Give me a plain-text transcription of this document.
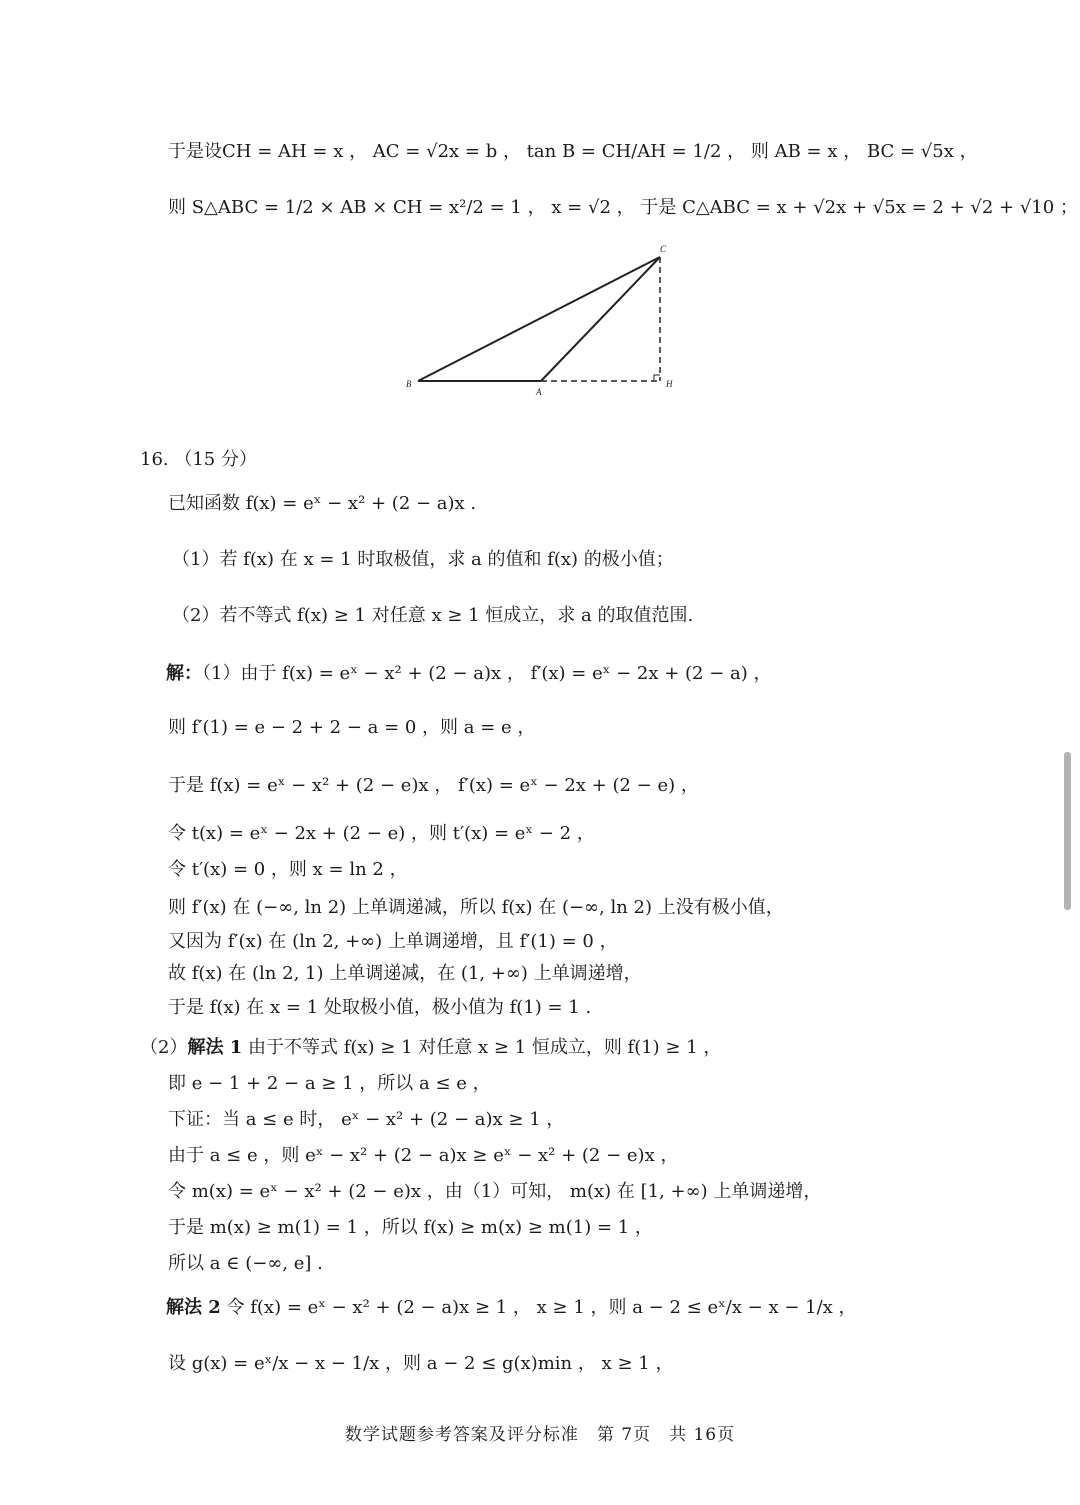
于是设CH = AH = x ， AC = √2x = b ， tan B = CH/AH = 1/2 ， 则 AB = x ， BC = √5x ，
则 S△ABC = 1/2 × AB × CH = x²/2 = 1 ， x = √2 ， 于是 C△ABC = x + √2x + √5x = 2 + √2 + √10 ；
B
A
C
H
16. （15 分）
已知函数 f(x) = eˣ − x² + (2 − a)x .
（1）若 f(x) 在 x = 1 时取极值，求 a 的值和 f(x) 的极小值；
（2）若不等式 f(x) ≥ 1 对任意 x ≥ 1 恒成立，求 a 的取值范围.
解：（1）由于 f(x) = eˣ − x² + (2 − a)x ， f′(x) = eˣ − 2x + (2 − a) ，
则 f′(1) = e − 2 + 2 − a = 0 ，则 a = e ，
于是 f(x) = eˣ − x² + (2 − e)x ， f′(x) = eˣ − 2x + (2 − e) ，
令 t(x) = eˣ − 2x + (2 − e) ，则 t′(x) = eˣ − 2 ，
令 t′(x) = 0 ，则 x = ln 2 ，
则 f′(x) 在 (−∞, ln 2) 上单调递减，所以 f(x) 在 (−∞, ln 2) 上没有极小值，
又因为 f′(x) 在 (ln 2, +∞) 上单调递增，且 f′(1) = 0 ，
故 f(x) 在 (ln 2, 1) 上单调递减，在 (1, +∞) 上单调递增，
于是 f(x) 在 x = 1 处取极小值，极小值为 f(1) = 1 .
（2）解法 1 由于不等式 f(x) ≥ 1 对任意 x ≥ 1 恒成立，则 f(1) ≥ 1 ，
即 e − 1 + 2 − a ≥ 1 ，所以 a ≤ e ，
下证：当 a ≤ e 时， eˣ − x² + (2 − a)x ≥ 1 ，
由于 a ≤ e ，则 eˣ − x² + (2 − a)x ≥ eˣ − x² + (2 − e)x ，
令 m(x) = eˣ − x² + (2 − e)x ，由（1）可知， m(x) 在 [1, +∞) 上单调递增，
于是 m(x) ≥ m(1) = 1 ，所以 f(x) ≥ m(x) ≥ m(1) = 1 ，
所以 a ∈ (−∞, e] .
解法 2 令 f(x) = eˣ − x² + (2 − a)x ≥ 1 ， x ≥ 1 ，则 a − 2 ≤ eˣ/x − x − 1/x ，
设 g(x) = eˣ/x − x − 1/x ，则 a − 2 ≤ g(x)min ， x ≥ 1 ，
数学试题参考答案及评分标准　第 7页　共 16页
